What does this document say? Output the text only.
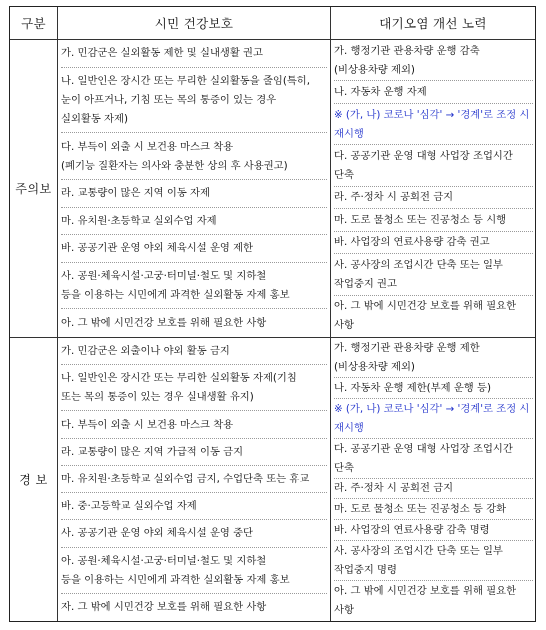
구분	시민 건강보호	대기오염 개선 노력
주의보
가. 민감군은 실외활동 제한 및 실내생활 권고
나. 일반인은 장시간 또는 무리한 실외활동을 줄임(특히,
눈이 아프거나, 기침 또는 목의 통증이 있는 경우
실외활동 자제)
다. 부득이 외출 시 보건용 마스크 착용
(폐기능 질환자는 의사와 충분한 상의 후 사용권고)
라. 교통량이 많은 지역 이동 자제
마. 유치원·초등학교 실외수업 자제
바. 공공기관 운영 야외 체육시설 운영 제한
사. 공원·체육시설·고궁·터미널·철도 및 지하철
등을 이용하는 시민에게 과격한 실외활동 자제 홍보
아. 그 밖에 시민건강 보호를 위해 필요한 사항
가. 행정기관 관용차량 운행 감축
(비상용차량 제외)
나. 자동차 운행 자제
※ (가, 나) 코로나 '심각' → '경계'로 조정 시
재시행
다. 공공기관 운영 대형 사업장 조업시간
단축
라. 주·정차 시 공회전 금지
마. 도로 물청소 또는 진공청소 등 시행
바. 사업장의 연료사용량 감축 권고
사. 공사장의 조업시간 단축 또는 일부
작업중지 권고
아. 그 밖에 시민건강 보호를 위해 필요한
사항
경 보
가. 민감군은 외출이나 야외 활동 금지
나. 일반인은 장시간 또는 무리한 실외활동 자제(기침
또는 목의 통증이 있는 경우 실내생활 유지)
다. 부득이 외출 시 보건용 마스크 착용
라. 교통량이 많은 지역 가급적 이동 금지
마. 유치원·초등학교 실외수업 금지, 수업단축 또는 휴교
바. 중·고등학교 실외수업 자제
사. 공공기관 운영 야외 체육시설 운영 중단
아. 공원·체육시설·고궁·터미널·철도 및 지하철
등을 이용하는 시민에게 과격한 실외활동 자제 홍보
자. 그 밖에 시민건강 보호를 위해 필요한 사항
가. 행정기관 관용차량 운행 제한
(비상용차량 제외)
나. 자동차 운행 제한(부제 운행 등)
※ (가, 나) 코로나 '심각' → '경계'로 조정 시
재시행
다. 공공기관 운영 대형 사업장 조업시간
단축
라. 주·정차 시 공회전 금지
마. 도로 물청소 또는 진공청소 등 강화
바. 사업장의 연료사용량 감축 명령
사. 공사장의 조업시간 단축 또는 일부
작업중지 명령
아. 그 밖에 시민건강 보호를 위해 필요한
사항
